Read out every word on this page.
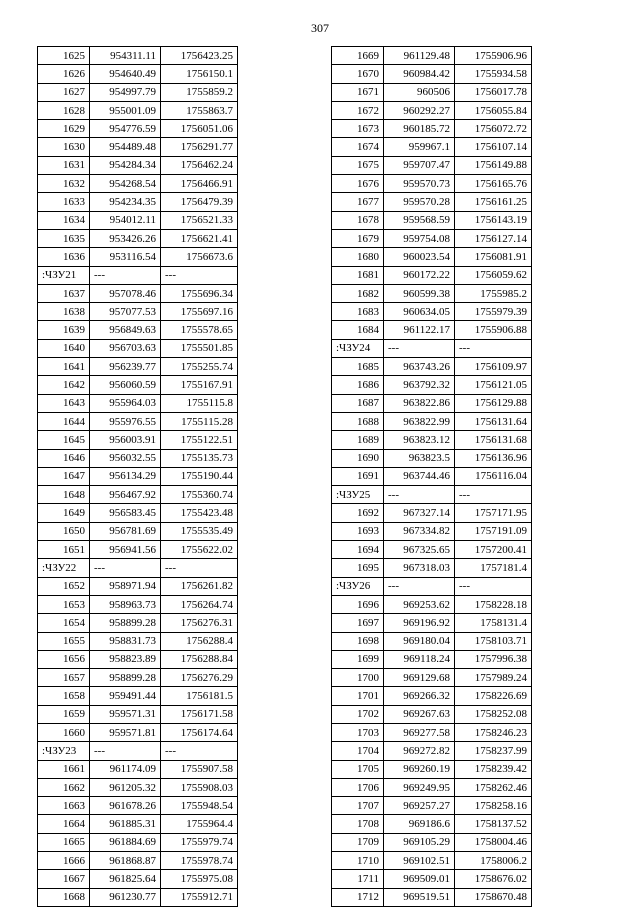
307
1625	954311.11	1756423.25
1626	954640.49	1756150.1
1627	954997.79	1755859.2
1628	955001.09	1755863.7
1629	954776.59	1756051.06
1630	954489.48	1756291.77
1631	954284.34	1756462.24
1632	954268.54	1756466.91
1633	954234.35	1756479.39
1634	954012.11	1756521.33
1635	953426.26	1756621.41
1636	953116.54	1756673.6
:ЧЗУ21	---	---
1637	957078.46	1755696.34
1638	957077.53	1755697.16
1639	956849.63	1755578.65
1640	956703.63	1755501.85
1641	956239.77	1755255.74
1642	956060.59	1755167.91
1643	955964.03	1755115.8
1644	955976.55	1755115.28
1645	956003.91	1755122.51
1646	956032.55	1755135.73
1647	956134.29	1755190.44
1648	956467.92	1755360.74
1649	956583.45	1755423.48
1650	956781.69	1755535.49
1651	956941.56	1755622.02
:ЧЗУ22	---	---
1652	958971.94	1756261.82
1653	958963.73	1756264.74
1654	958899.28	1756276.31
1655	958831.73	1756288.4
1656	958823.89	1756288.84
1657	958899.28	1756276.29
1658	959491.44	1756181.5
1659	959571.31	1756171.58
1660	959571.81	1756174.64
:ЧЗУ23	---	---
1661	961174.09	1755907.58
1662	961205.32	1755908.03
1663	961678.26	1755948.54
1664	961885.31	1755964.4
1665	961884.69	1755979.74
1666	961868.87	1755978.74
1667	961825.64	1755975.08
1668	961230.77	1755912.71
1669	961129.48	1755906.96
1670	960984.42	1755934.58
1671	960506	1756017.78
1672	960292.27	1756055.84
1673	960185.72	1756072.72
1674	959967.1	1756107.14
1675	959707.47	1756149.88
1676	959570.73	1756165.76
1677	959570.28	1756161.25
1678	959568.59	1756143.19
1679	959754.08	1756127.14
1680	960023.54	1756081.91
1681	960172.22	1756059.62
1682	960599.38	1755985.2
1683	960634.05	1755979.39
1684	961122.17	1755906.88
:ЧЗУ24	---	---
1685	963743.26	1756109.97
1686	963792.32	1756121.05
1687	963822.86	1756129.88
1688	963822.99	1756131.64
1689	963823.12	1756131.68
1690	963823.5	1756136.96
1691	963744.46	1756116.04
:ЧЗУ25	---	---
1692	967327.14	1757171.95
1693	967334.82	1757191.09
1694	967325.65	1757200.41
1695	967318.03	1757181.4
:ЧЗУ26	---	---
1696	969253.62	1758228.18
1697	969196.92	1758131.4
1698	969180.04	1758103.71
1699	969118.24	1757996.38
1700	969129.68	1757989.24
1701	969266.32	1758226.69
1702	969267.63	1758252.08
1703	969277.58	1758246.23
1704	969272.82	1758237.99
1705	969260.19	1758239.42
1706	969249.95	1758262.46
1707	969257.27	1758258.16
1708	969186.6	1758137.52
1709	969105.29	1758004.46
1710	969102.51	1758006.2
1711	969509.01	1758676.02
1712	969519.51	1758670.48
